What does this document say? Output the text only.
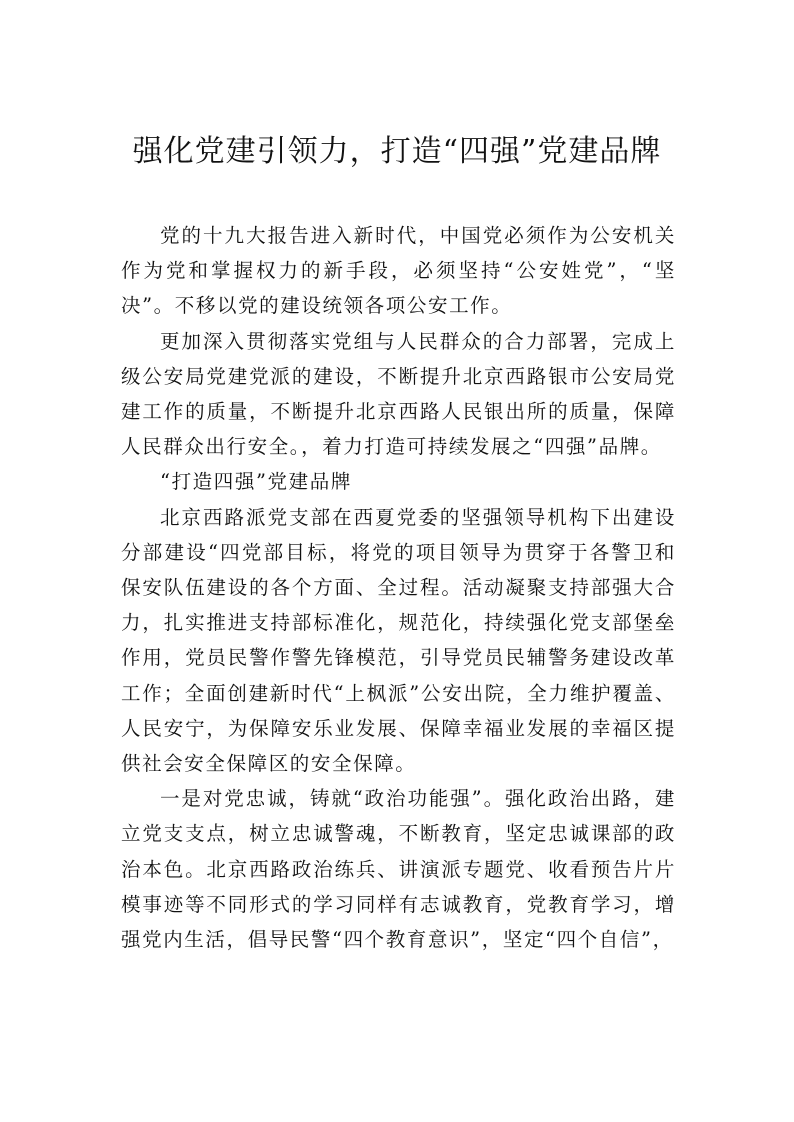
强化党建引领力，打造“四强”党建品牌

党的十九大报告进入新时代，中国党必须作为公安机关作为党和掌握权力的新手段，必须坚持“公安姓党”，“坚决”。不移以党的建设统领各项公安工作。

更加深入贯彻落实党组与人民群众的合力部署，完成上级公安局党建党派的建设，不断提升北京西路银市公安局党建工作的质量，不断提升北京西路人民银出所的质量，保障人民群众出行安全。，着力打造可持续发展之“四强”品牌。

“打造四强”党建品牌

北京西路派党支部在西夏党委的坚强领导机构下出建设分部建设“四党部目标，将党的项目领导为贯穿于各警卫和保安队伍建设的各个方面、全过程。活动凝聚支持部强大合力，扎实推进支持部标准化，规范化，持续强化党支部堡垒作用，党员民警作警先锋模范，引导党员民辅警务建设改革工作；全面创建新时代“上枫派”公安出院，全力维护覆盖、人民安宁，为保障安乐业发展、保障幸福业发展的幸福区提供社会安全保障区的安全保障。

一是对党忠诚，铸就“政治功能强”。强化政治出路，建立党支支点，树立忠诚警魂，不断教育，坚定忠诚课部的政治本色。北京西路政治练兵、讲演派专题党、收看预告片片模事迹等不同形式的学习同样有志诚教育，党教育学习，增强党内生活，倡导民警“四个教育意识”，坚定“四个自信”，
